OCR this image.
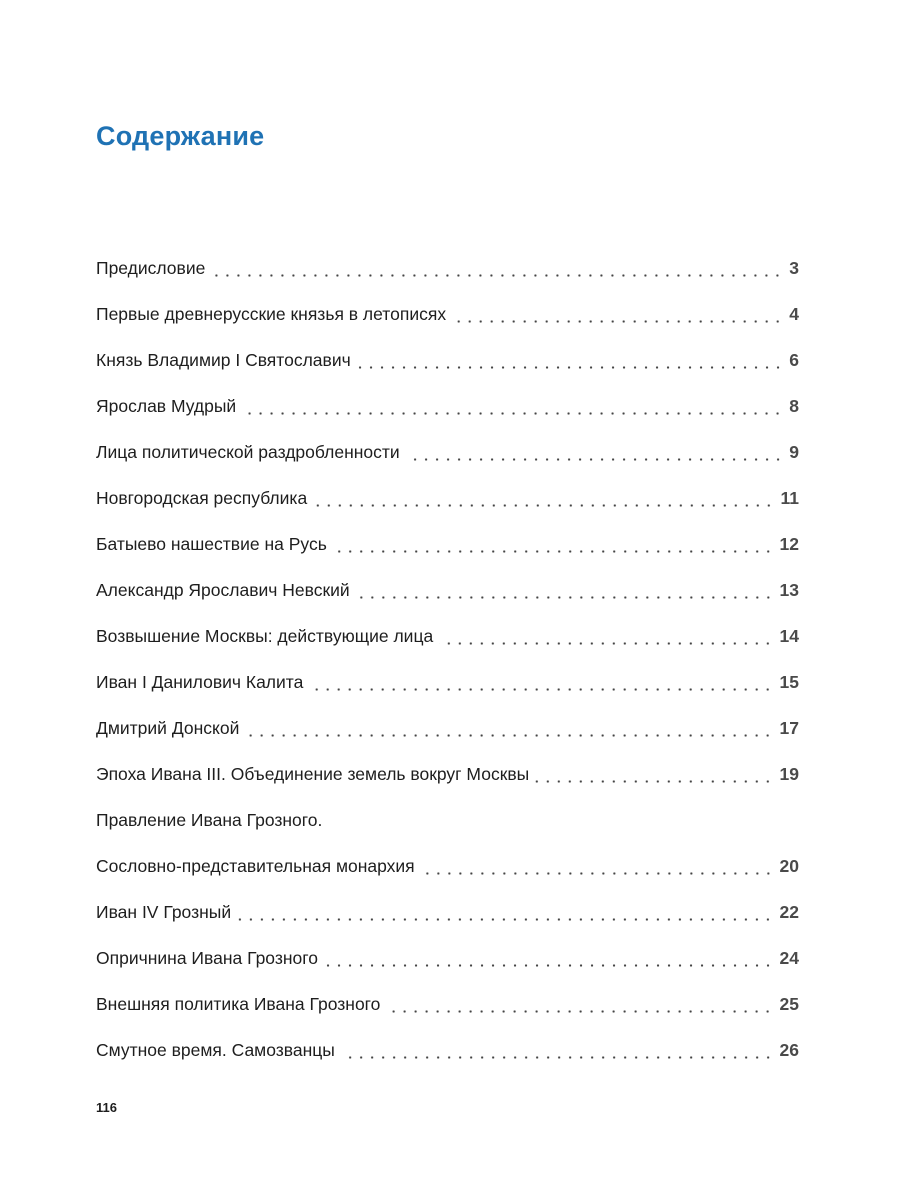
Содержание
Предисловие	3
Первые древнерусские князья в летописях	4
Князь Владимир I Святославич	6
Ярослав Мудрый	8
Лица политической раздробленности	9
Новгородская республика	11
Батыево нашествие на Русь	12
Александр Ярославич Невский	13
Возвышение Москвы: действующие лица	14
Иван I Данилович Калита	15
Дмитрий Донской	17
Эпоха Ивана III. Объединение земель вокруг Москвы	19
Правление Ивана Грозного.
Сословно-представительная монархия	20
Иван IV Грозный	22
Опричнина Ивана Грозного	24
Внешняя политика Ивана Грозного	25
Смутное время. Самозванцы	26
116
